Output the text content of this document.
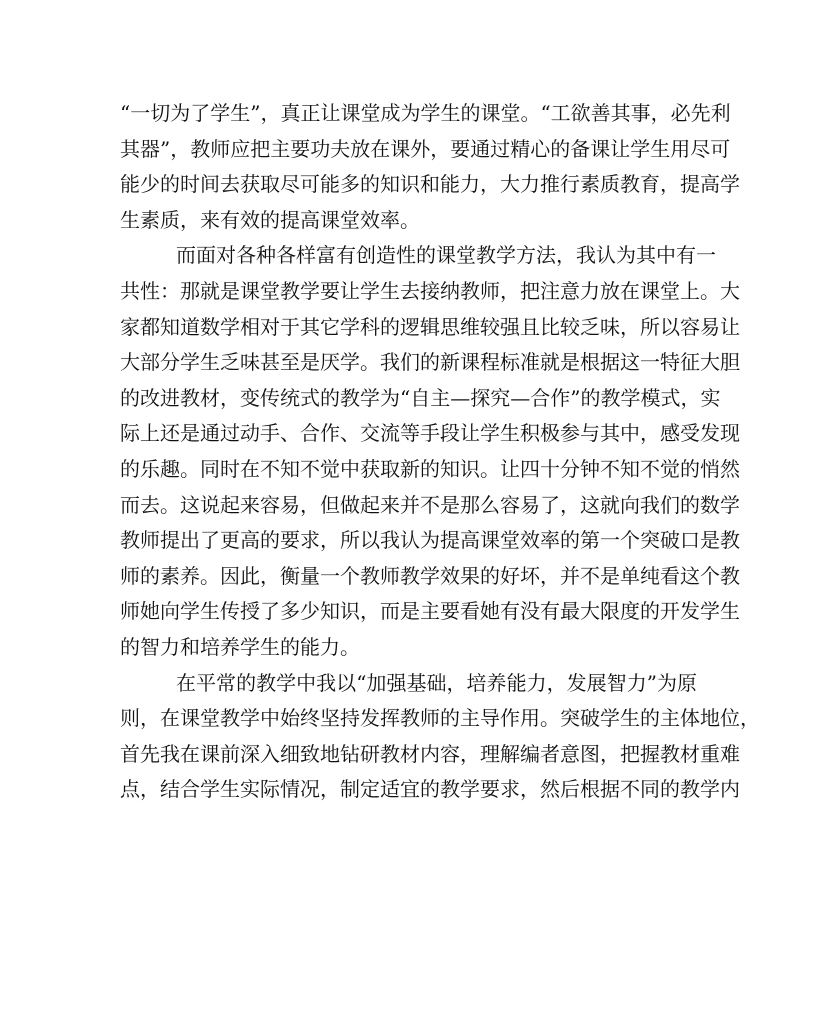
“一切为了学生”，真正让课堂成为学生的课堂。“工欲善其事，必先利
其器”，教师应把主要功夫放在课外，要通过精心的备课让学生用尽可
能少的时间去获取尽可能多的知识和能力，大力推行素质教育，提高学
生素质，来有效的提高课堂效率。
而面对各种各样富有创造性的课堂教学方法，我认为其中有一
共性：那就是课堂教学要让学生去接纳教师，把注意力放在课堂上。大
家都知道数学相对于其它学科的逻辑思维较强且比较乏味，所以容易让
大部分学生乏味甚至是厌学。我们的新课程标准就是根据这一特征大胆
的改进教材，变传统式的教学为“自主—探究—合作”的教学模式，实
际上还是通过动手、合作、交流等手段让学生积极参与其中，感受发现
的乐趣。同时在不知不觉中获取新的知识。让四十分钟不知不觉的悄然
而去。这说起来容易，但做起来并不是那么容易了，这就向我们的数学
教师提出了更高的要求，所以我认为提高课堂效率的第一个突破口是教
师的素养。因此，衡量一个教师教学效果的好坏，并不是单纯看这个教
师她向学生传授了多少知识，而是主要看她有没有最大限度的开发学生
的智力和培养学生的能力。
在平常的教学中我以“加强基础，培养能力，发展智力”为原
则，在课堂教学中始终坚持发挥教师的主导作用。突破学生的主体地位，
首先我在课前深入细致地钻研教材内容，理解编者意图，把握教材重难
点，结合学生实际情况，制定适宜的教学要求，然后根据不同的教学内
